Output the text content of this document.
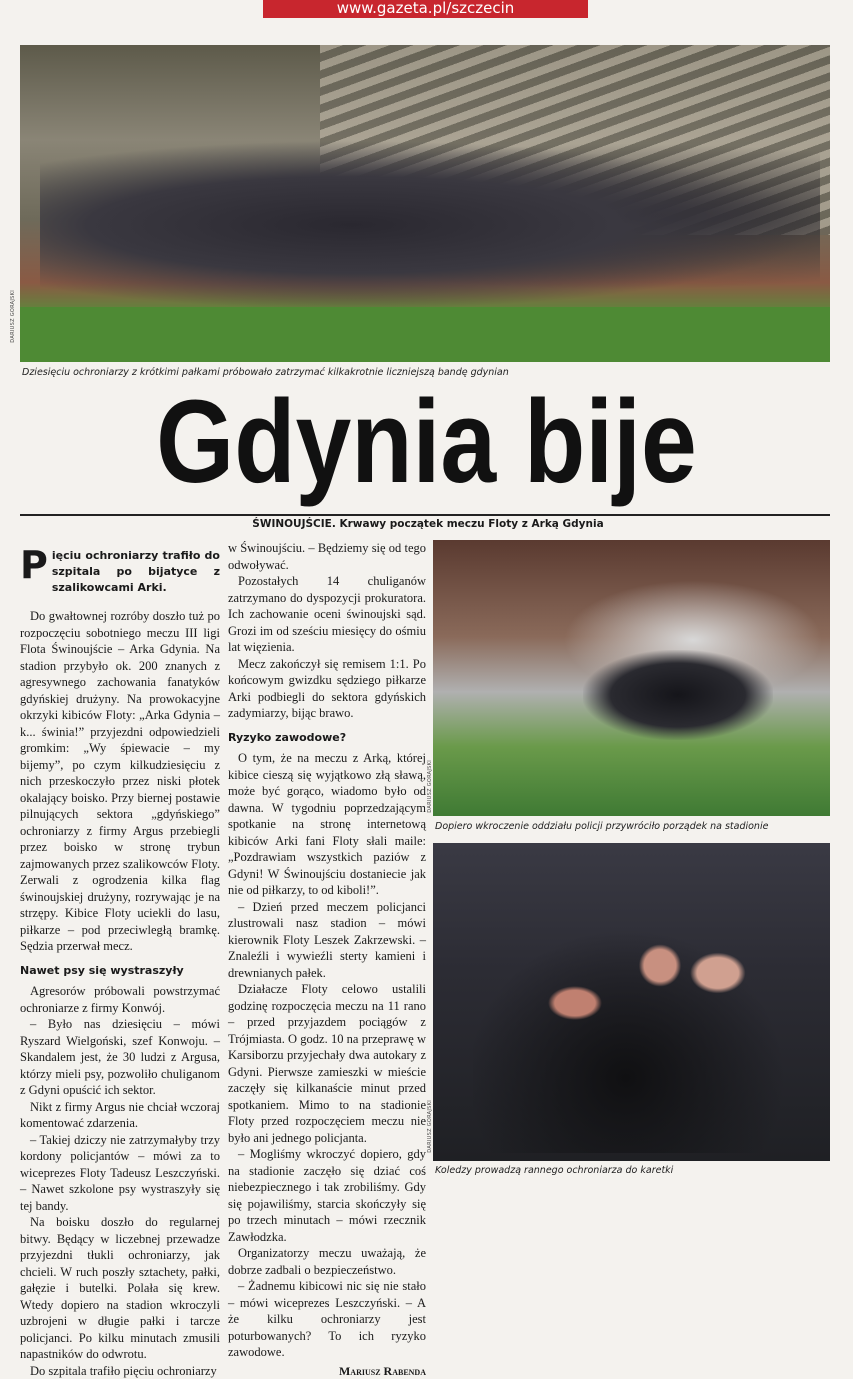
www.gazeta.pl/szczecin
DARIUSZ GORAJSKI
Dziesięciu ochroniarzy z krótkimi pałkami próbowało zatrzymać kilkakrotnie liczniejszą bandę gdynian
Gdynia bije
ŚWINOUJŚCIE. Krwawy początek meczu Floty z Arką Gdynia
Pięciu ochroniarzy trafiło do szpitala po bijatyce z szalikowcami Arki.

Do gwałtownej rozróby doszło tuż po rozpoczęciu sobotniego meczu III ligi Flota Świnoujście – Arka Gdynia. Na stadion przybyło ok. 200 znanych z agresywnego zachowania fanatyków gdyńskiej drużyny. Na prowokacyjne okrzyki kibiców Floty: „Arka Gdynia – k... świnia!” przyjezdni odpowiedzieli gromkim: „Wy śpiewacie – my bijemy”, po czym kilkudziesięciu z nich przeskoczyło przez niski płotek okalający boisko. Przy biernej postawie pilnujących sektora „gdyńskiego” ochroniarzy z firmy Argus przebiegli przez boisko w stronę trybun zajmowanych przez szalikowców Floty. Zerwali z ogrodzenia kilka flag świnoujskiej drużyny, rozrywając je na strzępy. Kibice Floty uciekli do lasu, piłkarze – pod przeciwległą bramkę. Sędzia przerwał mecz.

Nawet psy się wystraszyły

Agresorów próbowali powstrzymać ochroniarze z firmy Konwój.

– Było nas dziesięciu – mówi Ryszard Wielgoński, szef Konwoju. – Skandalem jest, że 30 ludzi z Argusa, którzy mieli psy, pozwoliło chuliganom z Gdyni opuścić ich sektor.

Nikt z firmy Argus nie chciał wczoraj komentować zdarzenia.

– Takiej dziczy nie zatrzymałyby trzy kordony policjantów – mówi za to wiceprezes Floty Tadeusz Leszczyński. – Nawet szkolone psy wystraszyły się tej bandy.

Na boisku doszło do regularnej bitwy. Będący w liczebnej przewadze przyjezdni tłukli ochroniarzy, jak chcieli. W ruch poszły sztachety, pałki, gałęzie i butelki. Polała się krew. Wtedy dopiero na stadion wkroczyli uzbrojeni w długie pałki i tarcze policjanci. Po kilku minutach zmusili napastników do odwrotu.

Do szpitala trafiło pięciu ochroniarzy

w Świnoujściu. – Będziemy się od tego odwoływać.

Pozostałych 14 chuliganów zatrzymano do dyspozycji prokuratora. Ich zachowanie oceni świnoujski sąd. Grozi im od sześciu miesięcy do ośmiu lat więzienia.

Mecz zakończył się remisem 1:1. Po końcowym gwizdku sędziego piłkarze Arki podbiegli do sektora gdyńskich zadymiarzy, bijąc brawo.

Ryzyko zawodowe?

O tym, że na meczu z Arką, której kibice cieszą się wyjątkowo złą sławą, może być gorąco, wiadomo było od dawna. W tygodniu poprzedzającym spotkanie na stronę internetową kibiców Arki fani Floty słali maile: „Pozdrawiam wszystkich paziów z Gdyni! W Świnoujściu dostaniecie jak nie od piłkarzy, to od kiboli!”.

– Dzień przed meczem policjanci zlustrowali nasz stadion – mówi kierownik Floty Leszek Zakrzewski. – Znaleźli i wywieźli sterty kamieni i drewnianych pałek.

Działacze Floty celowo ustalili godzinę rozpoczęcia meczu na 11 rano – przed przyjazdem pociągów z Trójmiasta. O godz. 10 na przeprawę w Karsiborzu przyjechały dwa autokary z Gdyni. Pierwsze zamieszki w mieście zaczęły się kilkanaście minut przed spotkaniem. Mimo to na stadionie Floty przed rozpoczęciem meczu nie było ani jednego policjanta.

– Mogliśmy wkroczyć dopiero, gdy na stadionie zaczęło się dziać coś niebezpiecznego i tak zrobiliśmy. Gdy się pojawiliśmy, starcia skończyły się po trzech minutach – mówi rzecznik Zawłodzka.

Organizatorzy meczu uważają, że dobrze zadbali o bezpieczeństwo.

– Żadnemu kibicowi nic się nie stało – mówi wiceprezes Leszczyński. – A że kilku ochroniarzy jest poturbowanych? To ich ryzyko zawodowe.

Mariusz Rabenda
DARIUSZ GORAJSKI
Dopiero wkroczenie oddziału policji przywróciło porządek na stadionie
DARIUSZ GORAJSKI
Koledzy prowadzą rannego ochroniarza do karetki
